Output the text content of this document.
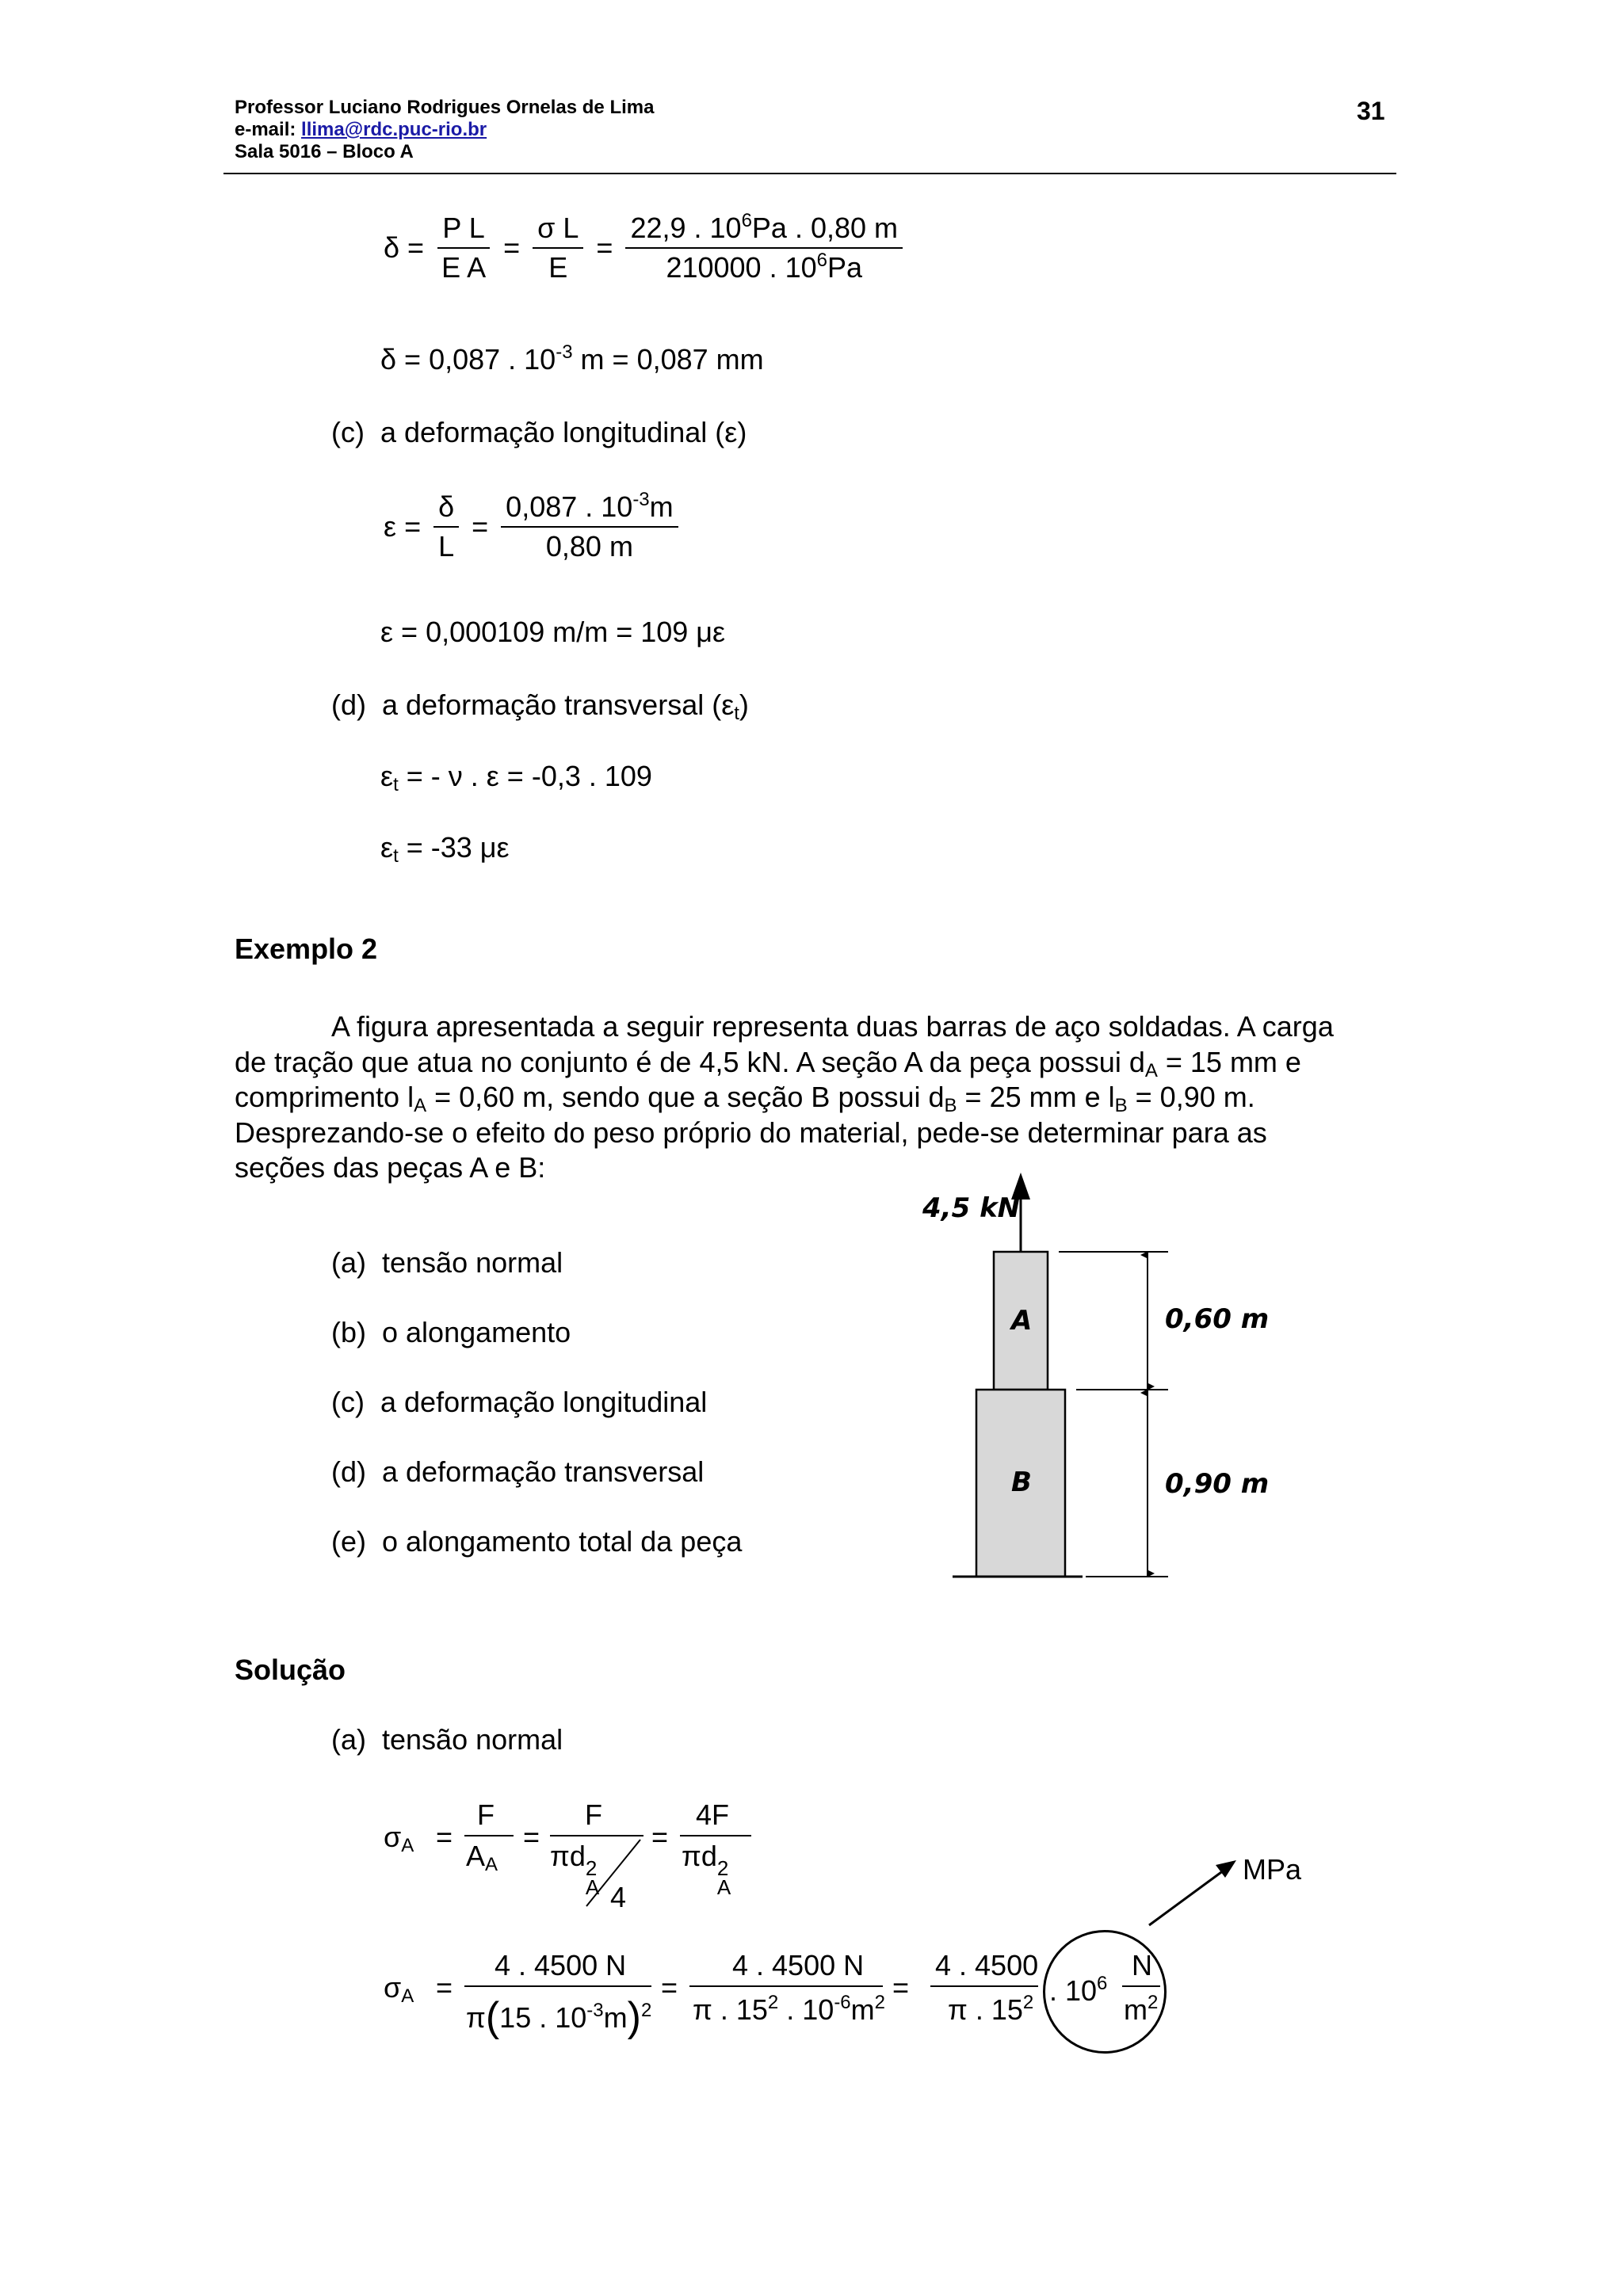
Professor Luciano Rodrigues Ornelas de Lima
e-mail: llima@rdc.puc-rio.br
Sala 5016 – Bloco A
31
$\delta = \frac{\text{P L}}{\text{E A}} = \frac{\text{σ L}}{E} = \frac{22,9 . 10^6Pa . 0,80 m}{210000 . 10^6Pa}$
δ = 0,087 . $10^{-3}$ m = 0,087 mm
(c) a deformação longitudinal (ε)
$\varepsilon = \frac{\delta}{L} = \frac{0,087 . 10^{-3}m}{0,80 m}$
ε = 0,000109 m/m = 109 με
(d) a deformação transversal $(\varepsilon_t)$
$\varepsilon_t$ = - ν . ε = -0,3 . 109
$\varepsilon_t = -33$ με
Exemplo 2

A figura apresentada a seguir representa duas barras de aço soldadas. A carga

de tração que atua no conjunto é de 4,5 kN. A seção A da peça possui $d_A = 15$ mm e

comprimento $l_A = 0,60$ m, sendo que a seção B possui $d_B = 25$ mm e $l_B = 0,90$ m.

Desprezando-se o efeito do peso próprio do material, pede-se determinar para as

seções das peças A e B:

(a) tensão normal
(b) o alongamento
(c) a deformação longitudinal
(d) a deformação transversal
(e) o alongamento total da peça
4,5 kN
A
B
0,60 m
0,90 m
Solução
(a) tensão normal
$\sigma_A$ =
F
$A_A$
=
F
πd 2
A 4
=
4F
πd 2
A
MPa
$\sigma_A$ =
4 . 4500 N
π(15 . $10^{-3}m)^2$
=
4 . 4500 N
π . $15^2$ . $10^{-6}m^2$ =
4 . 4500
π . $15^2$ . $10^6$
N
$m^2$
